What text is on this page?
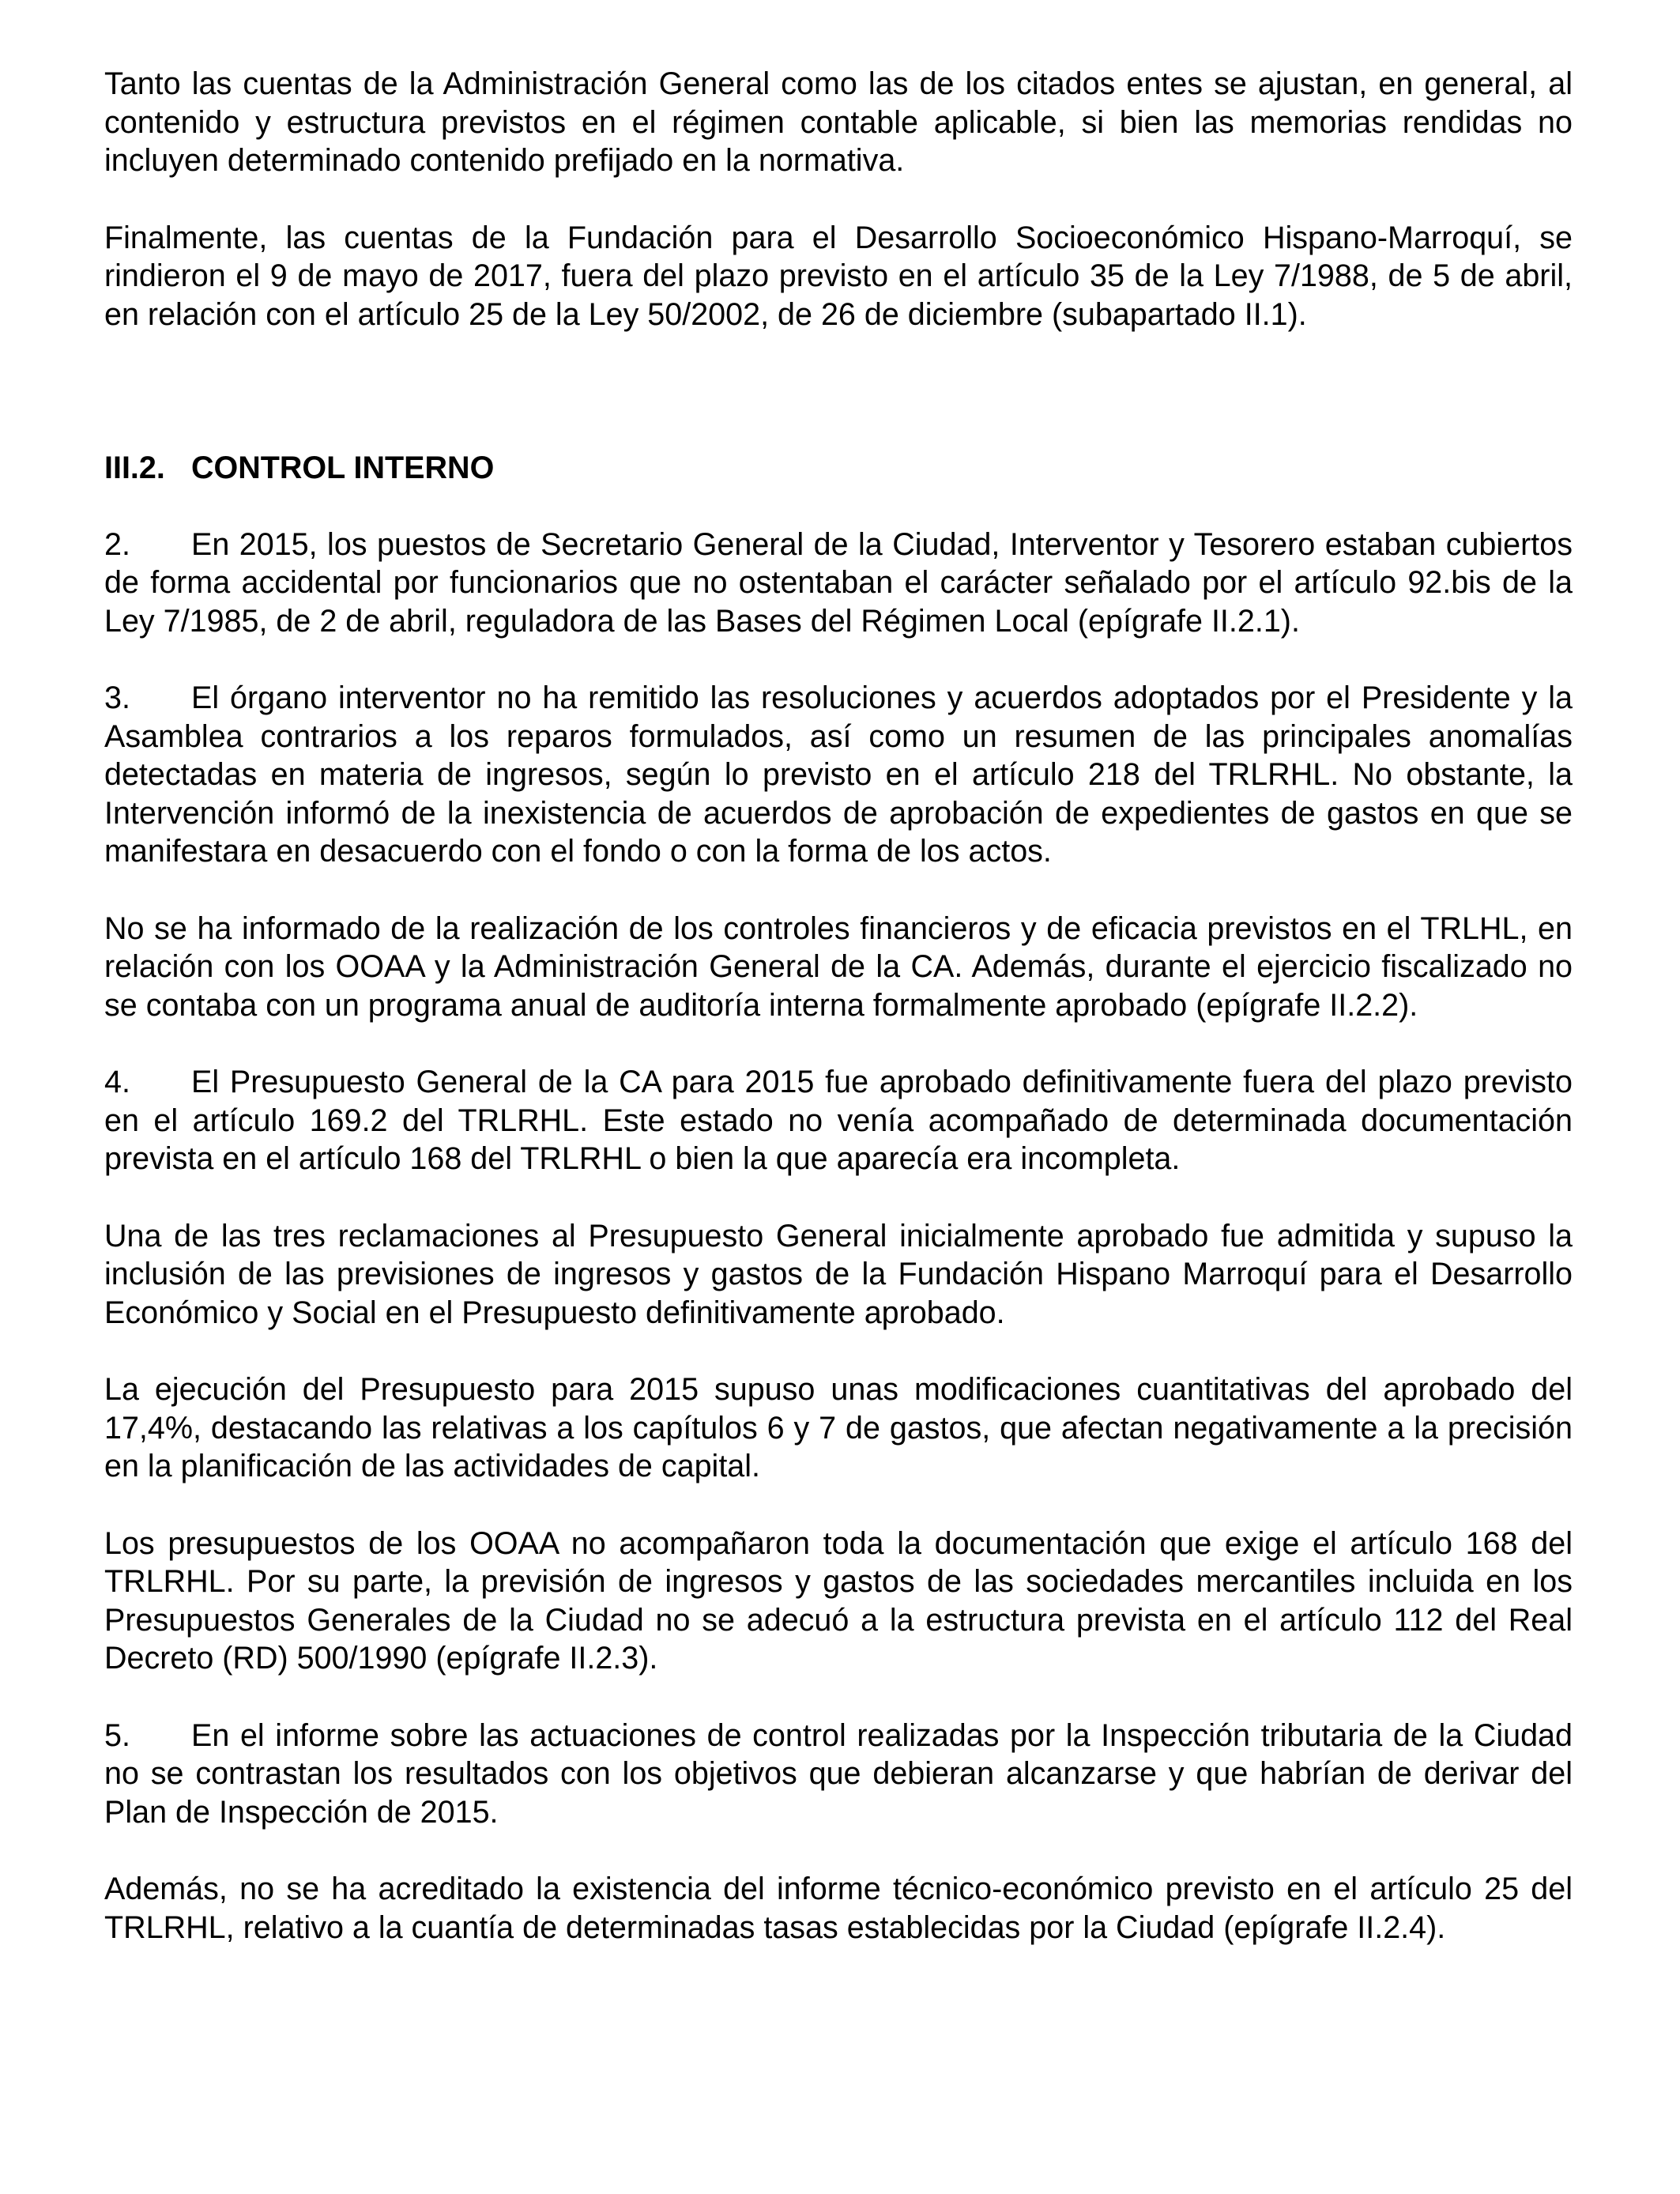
Tanto las cuentas de la Administración General como las de los citados entes se ajustan, en general, al contenido y estructura previstos en el régimen contable aplicable, si bien las memorias rendidas no incluyen determinado contenido prefijado en la normativa.

Finalmente, las cuentas de la Fundación para el Desarrollo Socioeconómico Hispano-Marroquí, se rindieron el 9 de mayo de 2017, fuera del plazo previsto en el artículo 35 de la Ley 7/1988, de 5 de abril, en relación con el artículo 25 de la Ley 50/2002, de 26 de diciembre (subapartado II.1).

III.2. CONTROL INTERNO

2. En 2015, los puestos de Secretario General de la Ciudad, Interventor y Tesorero estaban cubiertos de forma accidental por funcionarios que no ostentaban el carácter señalado por el artículo 92.bis de la Ley 7/1985, de 2 de abril, reguladora de las Bases del Régimen Local (epígrafe II.2.1).

3. El órgano interventor no ha remitido las resoluciones y acuerdos adoptados por el Presidente y la Asamblea contrarios a los reparos formulados, así como un resumen de las principales anomalías detectadas en materia de ingresos, según lo previsto en el artículo 218 del TRLRHL. No obstante, la Intervención informó de la inexistencia de acuerdos de aprobación de expedientes de gastos en que se manifestara en desacuerdo con el fondo o con la forma de los actos.

No se ha informado de la realización de los controles financieros y de eficacia previstos en el TRLHL, en relación con los OOAA y la Administración General de la CA. Además, durante el ejercicio fiscalizado no se contaba con un programa anual de auditoría interna formalmente aprobado (epígrafe II.2.2).

4. El Presupuesto General de la CA para 2015 fue aprobado definitivamente fuera del plazo previsto en el artículo 169.2 del TRLRHL. Este estado no venía acompañado de determinada documentación prevista en el artículo 168 del TRLRHL o bien la que aparecía era incompleta.

Una de las tres reclamaciones al Presupuesto General inicialmente aprobado fue admitida y supuso la inclusión de las previsiones de ingresos y gastos de la Fundación Hispano Marroquí para el Desarrollo Económico y Social en el Presupuesto definitivamente aprobado.

La ejecución del Presupuesto para 2015 supuso unas modificaciones cuantitativas del aprobado del 17,4%, destacando las relativas a los capítulos 6 y 7 de gastos, que afectan negativamente a la precisión en la planificación de las actividades de capital.

Los presupuestos de los OOAA no acompañaron toda la documentación que exige el artículo 168 del TRLRHL. Por su parte, la previsión de ingresos y gastos de las sociedades mercantiles incluida en los Presupuestos Generales de la Ciudad no se adecuó a la estructura prevista en el artículo 112 del Real Decreto (RD) 500/1990 (epígrafe II.2.3).

5. En el informe sobre las actuaciones de control realizadas por la Inspección tributaria de la Ciudad no se contrastan los resultados con los objetivos que debieran alcanzarse y que habrían de derivar del Plan de Inspección de 2015.

Además, no se ha acreditado la existencia del informe técnico-económico previsto en el artículo 25 del TRLRHL, relativo a la cuantía de determinadas tasas establecidas por la Ciudad (epígrafe II.2.4).
